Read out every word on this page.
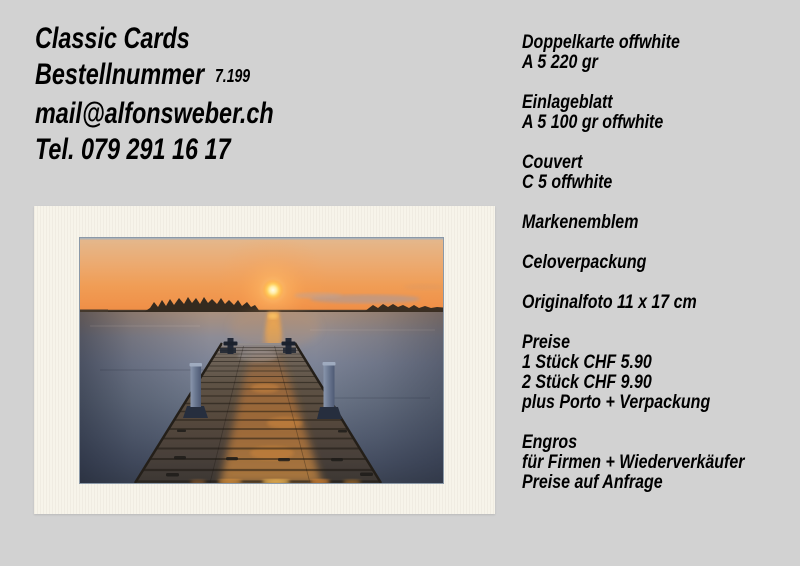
Classic Cards
Bestellnummer 7.199
mail@alfonsweber.ch
Tel. 079 291 16 17
Doppelkarte offwhite
A 5 220 gr
Einlageblatt
A 5 100 gr offwhite
Couvert
C 5 offwhite
Markenemblem
Celoverpackung
Originalfoto 11 x 17 cm
Preise
1 Stück CHF 5.90
2 Stück CHF 9.90
plus Porto + Verpackung
Engros
für Firmen + Wiederverkäufer
Preise auf Anfrage
